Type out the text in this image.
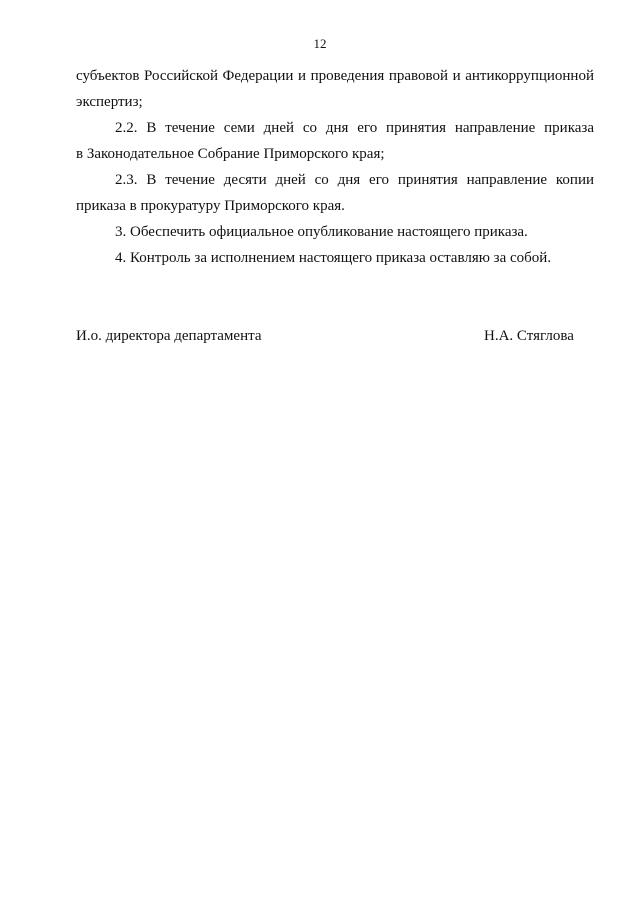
12
субъектов Российской Федерации и проведения правовой и антикоррупционной
экспертиз;
2.2. В течение семи дней со дня его принятия направление приказа
в Законодательное Собрание Приморского края;
2.3. В течение десяти дней со дня его принятия направление копии
приказа в прокуратуру Приморского края.
3. Обеспечить официальное опубликование настоящего приказа.
4. Контроль за исполнением настоящего приказа оставляю за собой.
И.о. директора департамента	Н.А. Стяглова
